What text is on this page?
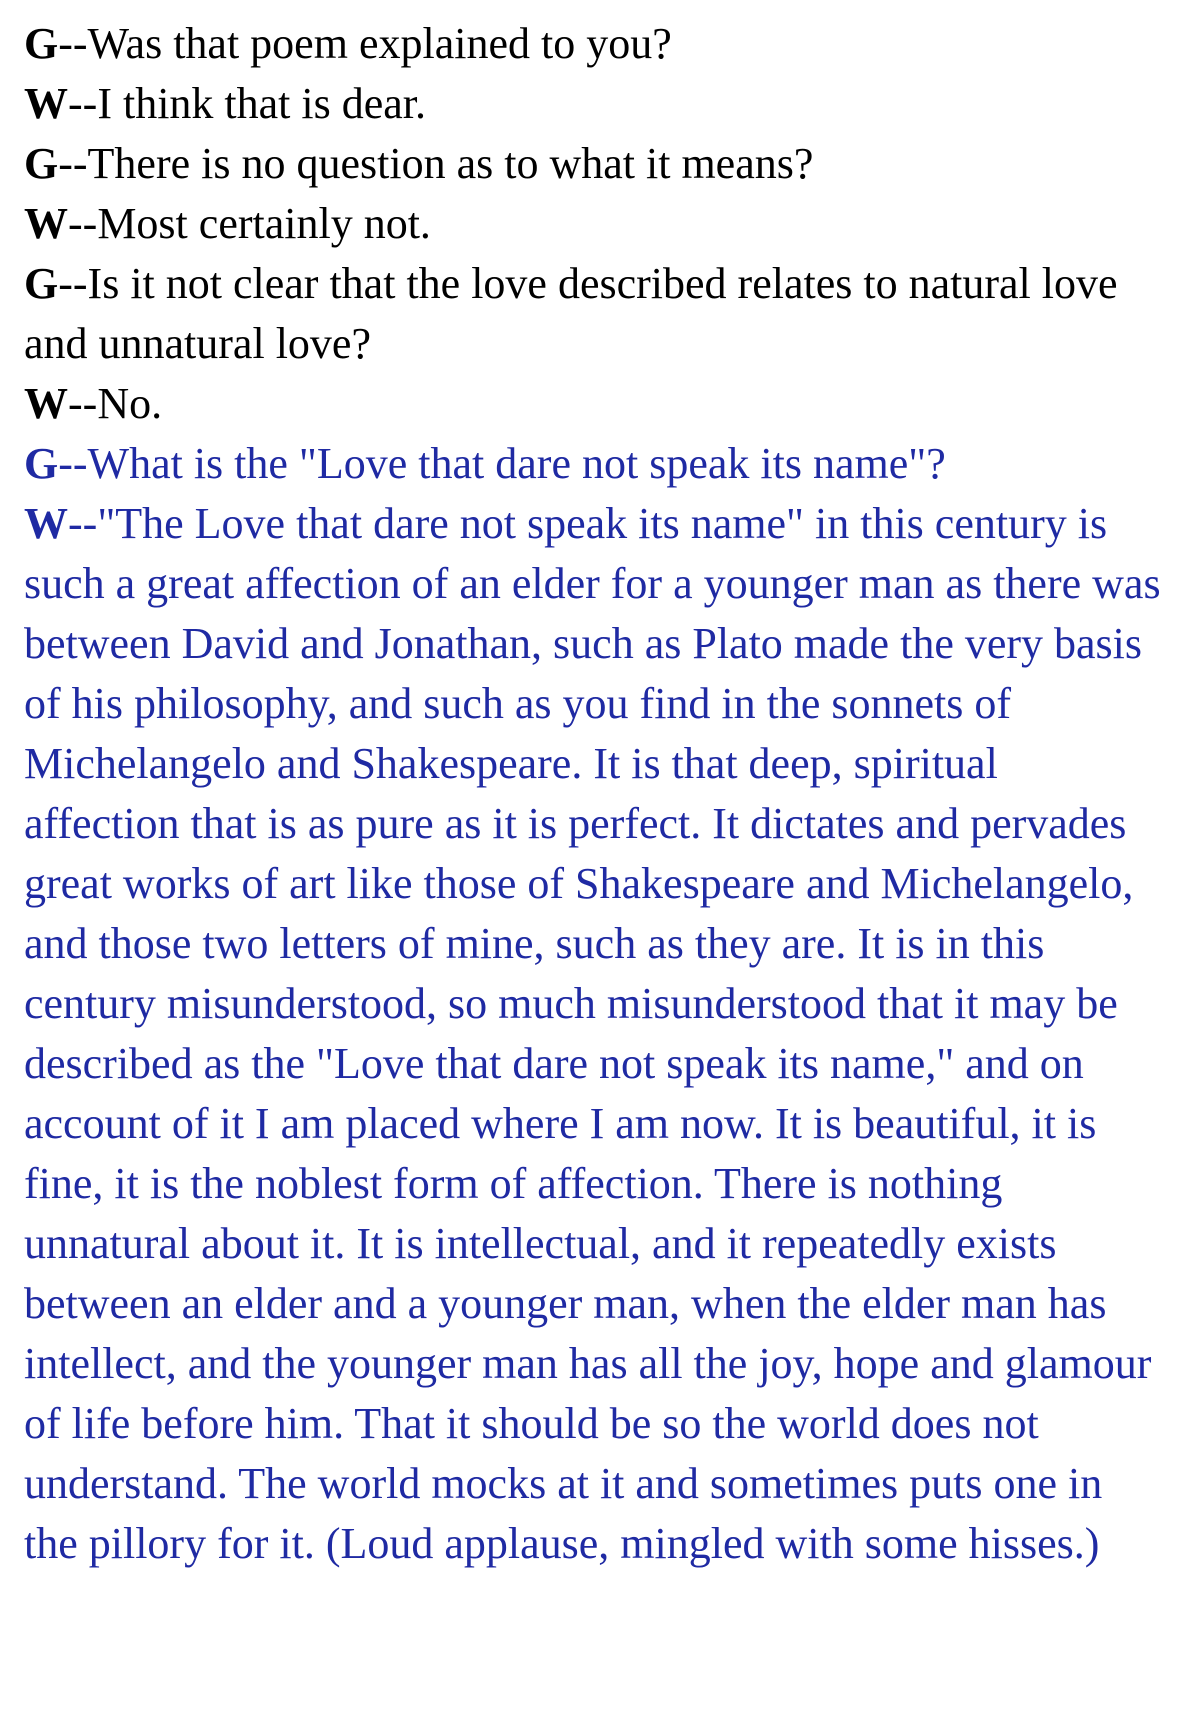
G--Was that poem explained to you?

W--I think that is dear.

G--There is no question as to what it means?

W--Most certainly not.

G--Is it not clear that the love described relates to natural love and unnatural love?

W--No.

G--What is the "Love that dare not speak its name"?

W--"The Love that dare not speak its name" in this century is such a great affection of an elder for a younger man as there was between David and Jonathan, such as Plato made the very basis of his philosophy, and such as you find in the sonnets of Michelangelo and Shakespeare. It is that deep, spiritual affection that is as pure as it is perfect. It dictates and pervades great works of art like those of Shakespeare and Michelangelo, and those two letters of mine, such as they are. It is in this century misunderstood, so much misunderstood that it may be described as the "Love that dare not speak its name," and on account of it I am placed where I am now. It is beautiful, it is fine, it is the noblest form of affection. There is nothing unnatural about it. It is intellectual, and it repeatedly exists between an elder and a younger man, when the elder man has intellect, and the younger man has all the joy, hope and glamour of life before him. That it should be so the world does not understand. The world mocks at it and sometimes puts one in the pillory for it. (Loud applause, mingled with some hisses.)
